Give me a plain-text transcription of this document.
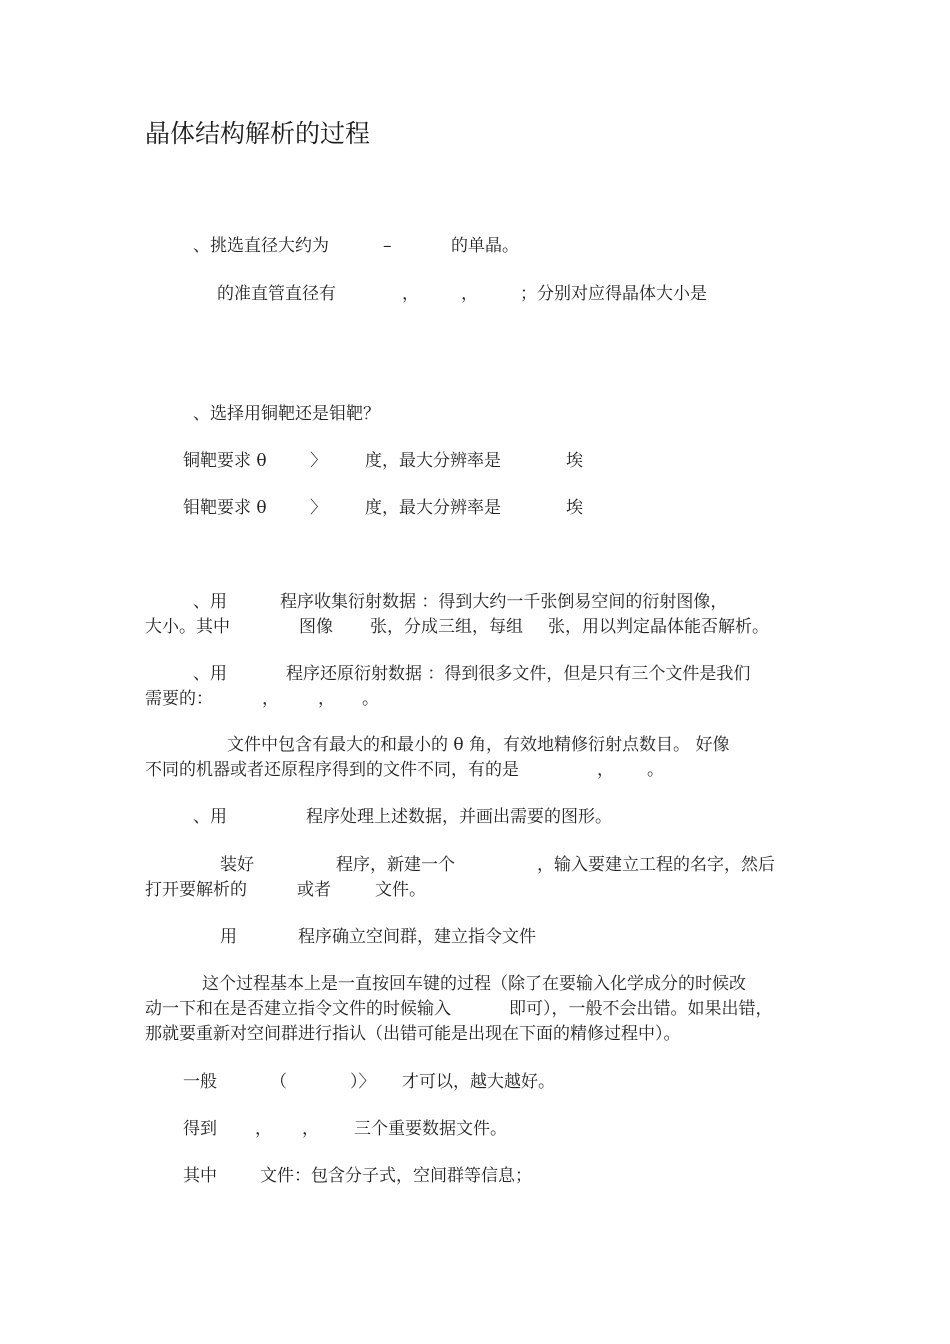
晶体结构解析的过程
、挑选直径大约为	–	的单晶。
的准直管直径有	， ， ；分别对应得晶体大小是
、选择用铜靶还是钼靶？
铜靶要求 θ	〉 度，最大分辨率是	埃
钼靶要求 θ	〉 度，最大分辨率是	埃
、用	程序收集衍射数据 ：得到大约一千张倒易空间的衍射图像，
大小。其中	图像 张，分成三组，每组 张，用以判定晶体能否解析。
、用	程序还原衍射数据 ：得到很多文件，但是只有三个文件是我们
需要的：	， ， 。
文件中包含有最大的和最小的 θ 角，有效地精修衍射点数目。 好像
不同的机器或者还原程序得到的文件不同，有的是	， 。
、用	程序处理上述数据，并画出需要的图形。
装好	程序，新建一个	，输入要建立工程的名字，然后
打开要解析的	或者	文件。
用	程序确立空间群，建立指令文件
这个过程基本上是一直按回车键的过程（除了在要输入化学成分的时候改
动一下和在是否建立指令文件的时候输入	即可），一般不会出错。如果出错，
那就要重新对空间群进行指认（出错可能是出现在下面的精修过程中）。
一般	（	）〉 才可以，越大越好。
得到 ， ， 三个重要数据文件。
其中	文件：包含分子式，空间群等信息；
